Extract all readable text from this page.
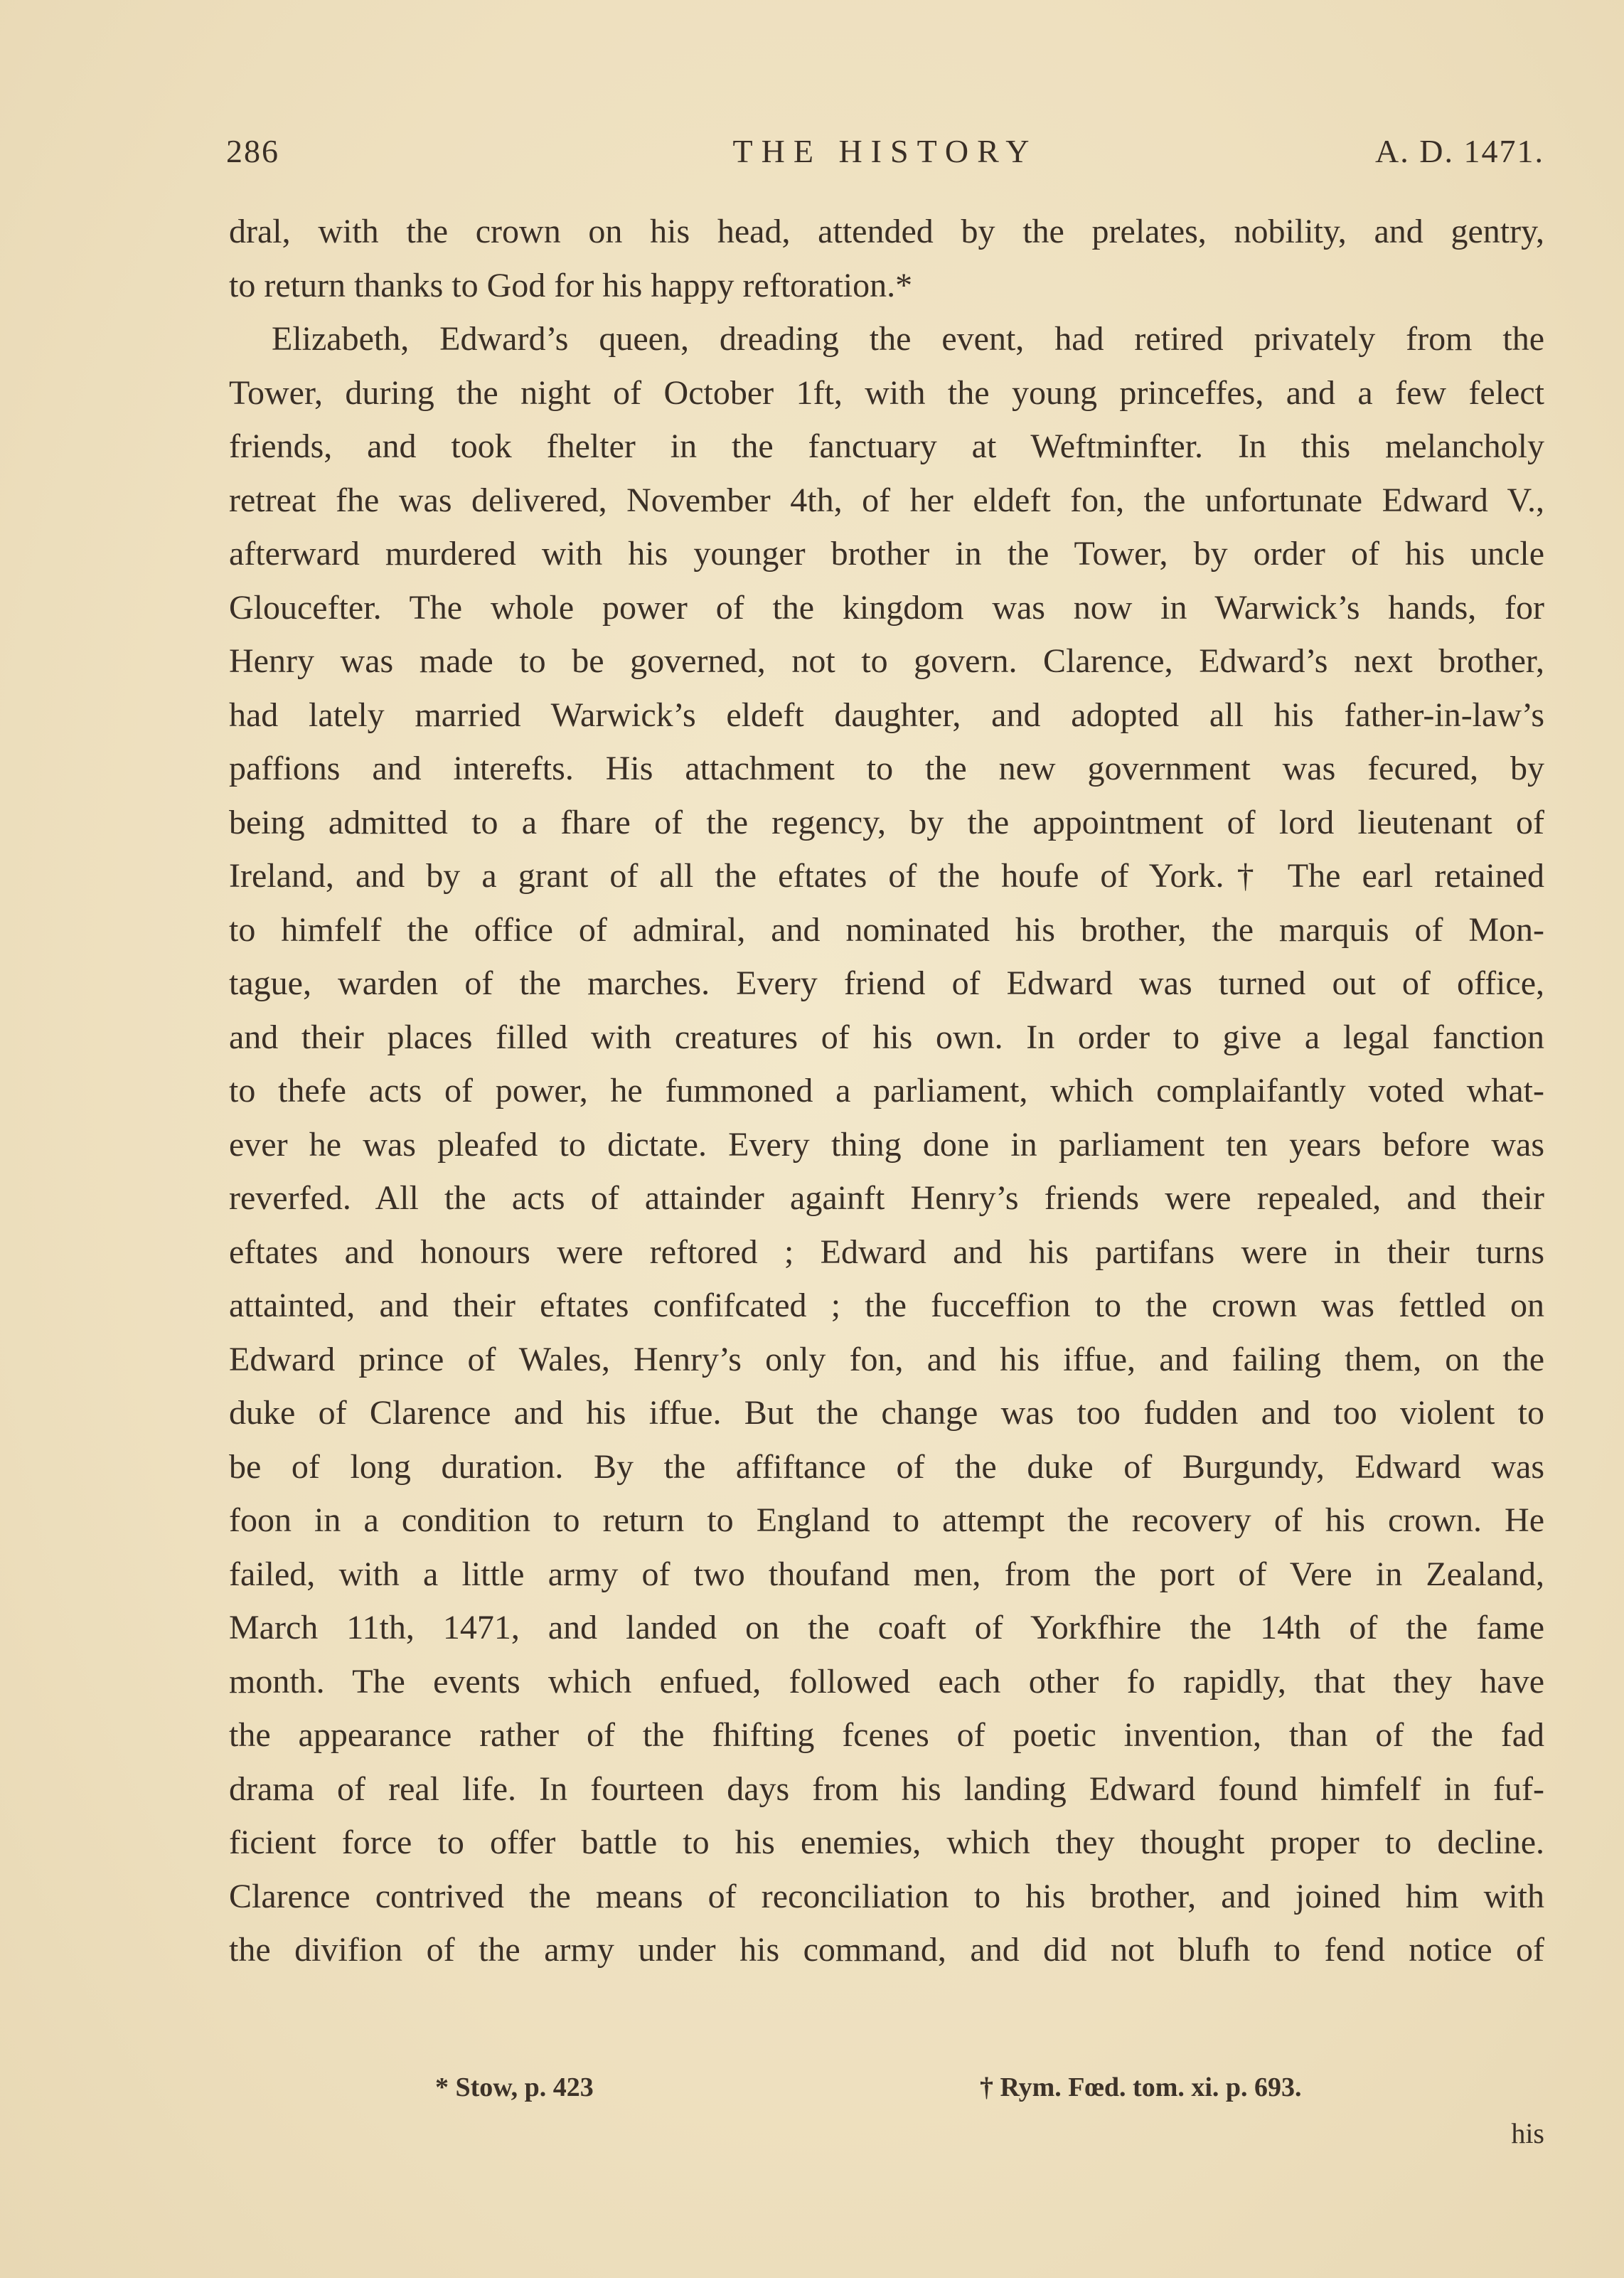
286	THE HISTORY	A. D. 1471.
dral, with the crown on his head, attended by the prelates, nobility, and gentry,
to return thanks to God for his happy reftoration.*
Elizabeth, Edward’s queen, dreading the event, had retired privately from the
Tower, during the night of October 1ft, with the young princeffes, and a few felect
friends, and took fhelter in the fanctuary at Weftminfter. In this melancholy
retreat fhe was delivered, November 4th, of her eldeft fon, the unfortunate Edward V.,
afterward murdered with his younger brother in the Tower, by order of his uncle
Gloucefter. The whole power of the kingdom was now in Warwick’s hands, for
Henry was made to be governed, not to govern. Clarence, Edward’s next brother,
had lately married Warwick’s eldeft daughter, and adopted all his father-in-law’s
paffions and interefts. His attachment to the new government was fecured, by
being admitted to a fhare of the regency, by the appointment of lord lieutenant of
Ireland, and by a grant of all the eftates of the houfe of York.† The earl retained
to himfelf the office of admiral, and nominated his brother, the marquis of Mon-
tague, warden of the marches. Every friend of Edward was turned out of office,
and their places filled with creatures of his own. In order to give a legal fanction
to thefe acts of power, he fummoned a parliament, which complaifantly voted what-
ever he was pleafed to dictate. Every thing done in parliament ten years before was
reverfed. All the acts of attainder againft Henry’s friends were repealed, and their
eftates and honours were reftored ; Edward and his partifans were in their turns
attainted, and their eftates confifcated ; the fucceffion to the crown was fettled on
Edward prince of Wales, Henry’s only fon, and his iffue, and failing them, on the
duke of Clarence and his iffue. But the change was too fudden and too violent to
be of long duration. By the affiftance of the duke of Burgundy, Edward was
foon in a condition to return to England to attempt the recovery of his crown. He
failed, with a little army of two thoufand men, from the port of Vere in Zealand,
March 11th, 1471, and landed on the coaft of Yorkfhire the 14th of the fame
month. The events which enfued, followed each other fo rapidly, that they have
the appearance rather of the fhifting fcenes of poetic invention, than of the fad
drama of real life. In fourteen days from his landing Edward found himfelf in fuf-
ficient force to offer battle to his enemies, which they thought proper to decline.
Clarence contrived the means of reconciliation to his brother, and joined him with
the divifion of the army under his command, and did not blufh to fend notice of
* Stow, p. 423	† Rym. Fœd. tom. xi. p. 693.
his
